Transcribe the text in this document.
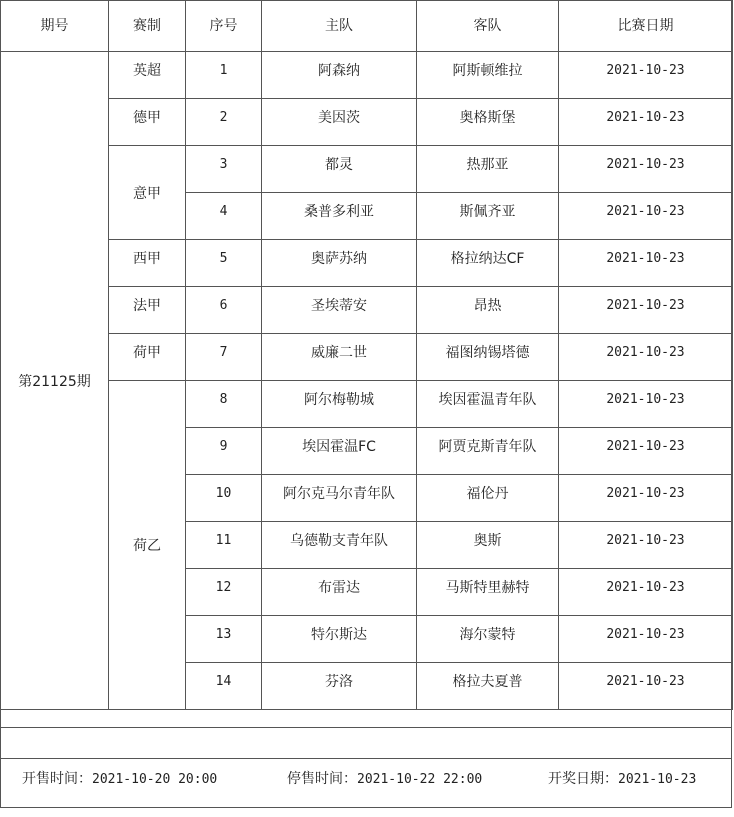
期号	赛制	序号	主队	客队	比赛日期
第21125期	英超	1	阿森纳	阿斯顿维拉	2021-10-23
	德甲	2	美因茨	奥格斯堡	2021-10-23
	意甲	3	都灵	热那亚	2021-10-23
		4	桑普多利亚	斯佩齐亚	2021-10-23
	西甲	5	奥萨苏纳	格拉纳达CF	2021-10-23
	法甲	6	圣埃蒂安	昂热	2021-10-23
	荷甲	7	威廉二世	福图纳锡塔德	2021-10-23
	荷乙	8	阿尔梅勒城	埃因霍温青年队	2021-10-23
		9	埃因霍温FC	阿贾克斯青年队	2021-10-23
		10	阿尔克马尔青年队	福伦丹	2021-10-23
		11	乌德勒支青年队	奥斯	2021-10-23
		12	布雷达	马斯特里赫特	2021-10-23
		13	特尔斯达	海尔蒙特	2021-10-23
		14	芬洛	格拉夫夏普	2021-10-23
开售时间：2021-10-20 20:00	停售时间：2021-10-22 22:00	开奖日期：2021-10-23
